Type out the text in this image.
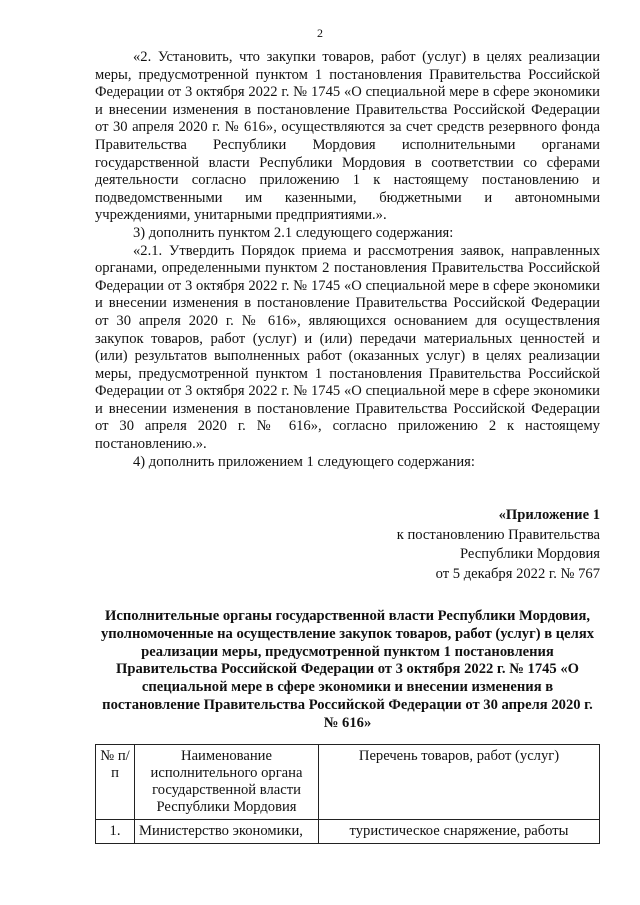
2

«2. Установить, что закупки товаров, работ (услуг) в целях реализации меры, предусмотренной пунктом 1 постановления Правительства Российской Федерации от 3 октября 2022 г. № 1745 «О специальной мере в сфере экономики и внесении изменения в постановление Правительства Российской Федерации от 30 апреля 2020 г. № 616», осуществляются за счет средств резервного фонда Правительства Республики Мордовия исполнительными органами государственной власти Республики Мордовия в соответствии со сферами деятельности согласно приложению 1 к настоящему постановлению и подведомственными им казенными, бюджетными и автономными учреждениями, унитарными предприятиями.».

3) дополнить пунктом 2.1 следующего содержания:

«2.1. Утвердить Порядок приема и рассмотрения заявок, направленных органами, определенными пунктом 2 постановления Правительства Российской Федерации от 3 октября 2022 г. № 1745 «О специальной мере в сфере экономики и внесении изменения в постановление Правительства Российской Федерации от 30 апреля 2020 г. № 616», являющихся основанием для осуществления закупок товаров, работ (услуг) и (или) передачи материальных ценностей и (или) результатов выполненных работ (оказанных услуг) в целях реализации меры, предусмотренной пунктом 1 постановления Правительства Российской Федерации от 3 октября 2022 г. № 1745 «О специальной мере в сфере экономики и внесении изменения в постановление Правительства Российской Федерации от 30 апреля 2020 г. № 616», согласно приложению 2 к настоящему постановлению.».

4) дополнить приложением 1 следующего содержания:

«Приложение 1
к постановлению Правительства
Республики Мордовия
от 5 декабря 2022 г. № 767
Исполнительные органы государственной власти Республики Мордовия, уполномоченные на осуществление закупок товаров, работ (услуг) в целях реализации меры, предусмотренной пунктом 1 постановления Правительства Российской Федерации от 3 октября 2022 г. № 1745 «О специальной мере в сфере экономики и внесении изменения в постановление Правительства Российской Федерации от 30 апреля 2020 г. № 616»
№ п/п	Наименование исполнительного органа государственной власти Республики Мордовия	Перечень товаров, работ (услуг)
1.	Министерство экономики,	туристическое снаряжение, работы
